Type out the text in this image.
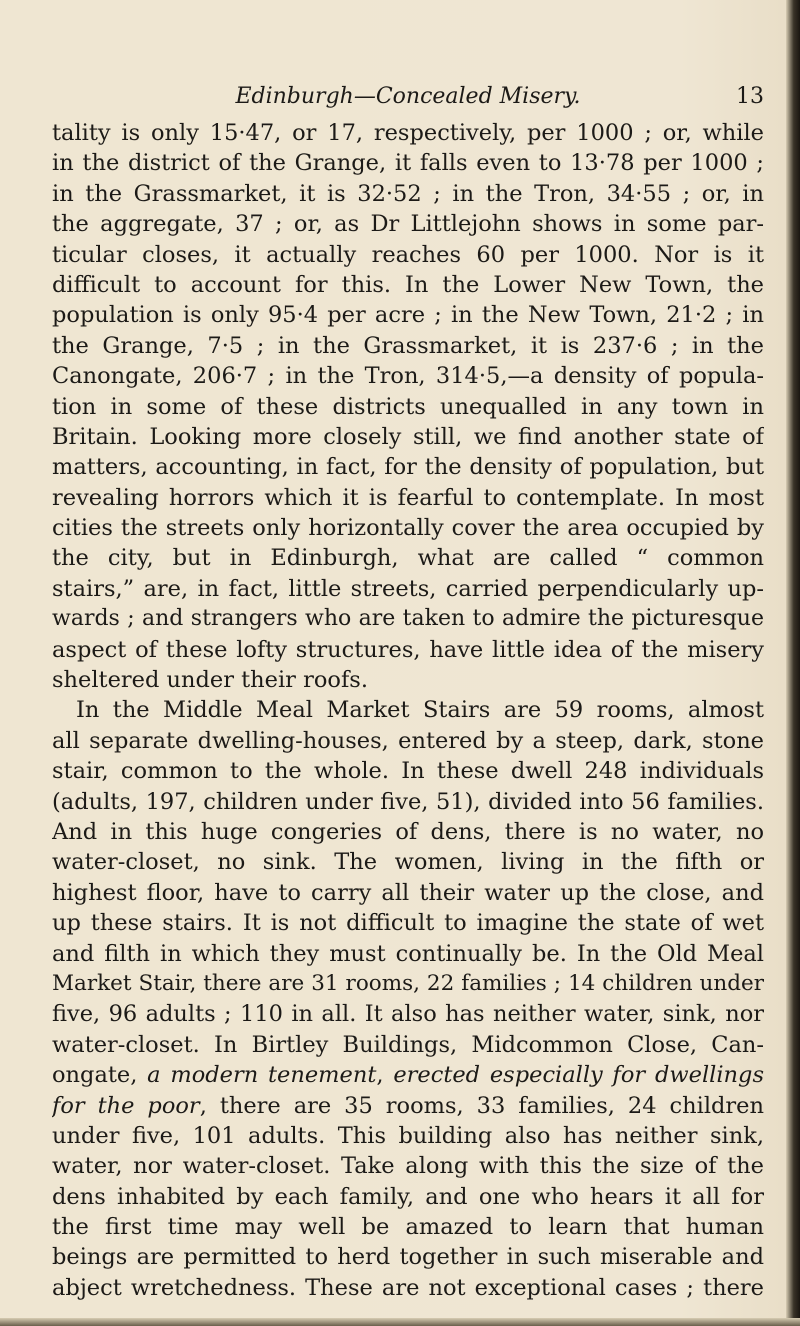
Edinburgh—Concealed Misery.	13
tality is only 15·47, or 17, respectively, per 1000 ; or, while
in the district of the Grange, it falls even to 13·78 per 1000 ;
in the Grassmarket, it is 32·52 ; in the Tron, 34·55 ; or, in
the aggregate, 37 ; or, as Dr Littlejohn shows in some par-
ticular closes, it actually reaches 60 per 1000. Nor is it
difficult to account for this. In the Lower New Town, the
population is only 95·4 per acre ; in the New Town, 21·2 ; in
the Grange, 7·5 ; in the Grassmarket, it is 237·6 ; in the
Canongate, 206·7 ; in the Tron, 314·5,—a density of popula-
tion in some of these districts unequalled in any town in
Britain. Looking more closely still, we find another state of
matters, accounting, in fact, for the density of population, but
revealing horrors which it is fearful to contemplate. In most
cities the streets only horizontally cover the area occupied by
the city, but in Edinburgh, what are called “ common
stairs,” are, in fact, little streets, carried perpendicularly up-
wards ; and strangers who are taken to admire the picturesque
aspect of these lofty structures, have little idea of the misery
sheltered under their roofs.
In the Middle Meal Market Stairs are 59 rooms, almost
all separate dwelling-houses, entered by a steep, dark, stone
stair, common to the whole. In these dwell 248 individuals
(adults, 197, children under five, 51), divided into 56 families.
And in this huge congeries of dens, there is no water, no
water-closet, no sink. The women, living in the fifth or
highest floor, have to carry all their water up the close, and
up these stairs. It is not difficult to imagine the state of wet
and filth in which they must continually be. In the Old Meal
Market Stair, there are 31 rooms, 22 families ; 14 children under
five, 96 adults ; 110 in all. It also has neither water, sink, nor
water-closet. In Birtley Buildings, Midcommon Close, Can-
ongate, a modern tenement, erected especially for dwellings
for the poor, there are 35 rooms, 33 families, 24 children
under five, 101 adults. This building also has neither sink,
water, nor water-closet. Take along with this the size of the
dens inhabited by each family, and one who hears it all for
the first time may well be amazed to learn that human
beings are permitted to herd together in such miserable and
abject wretchedness. These are not exceptional cases ; there
